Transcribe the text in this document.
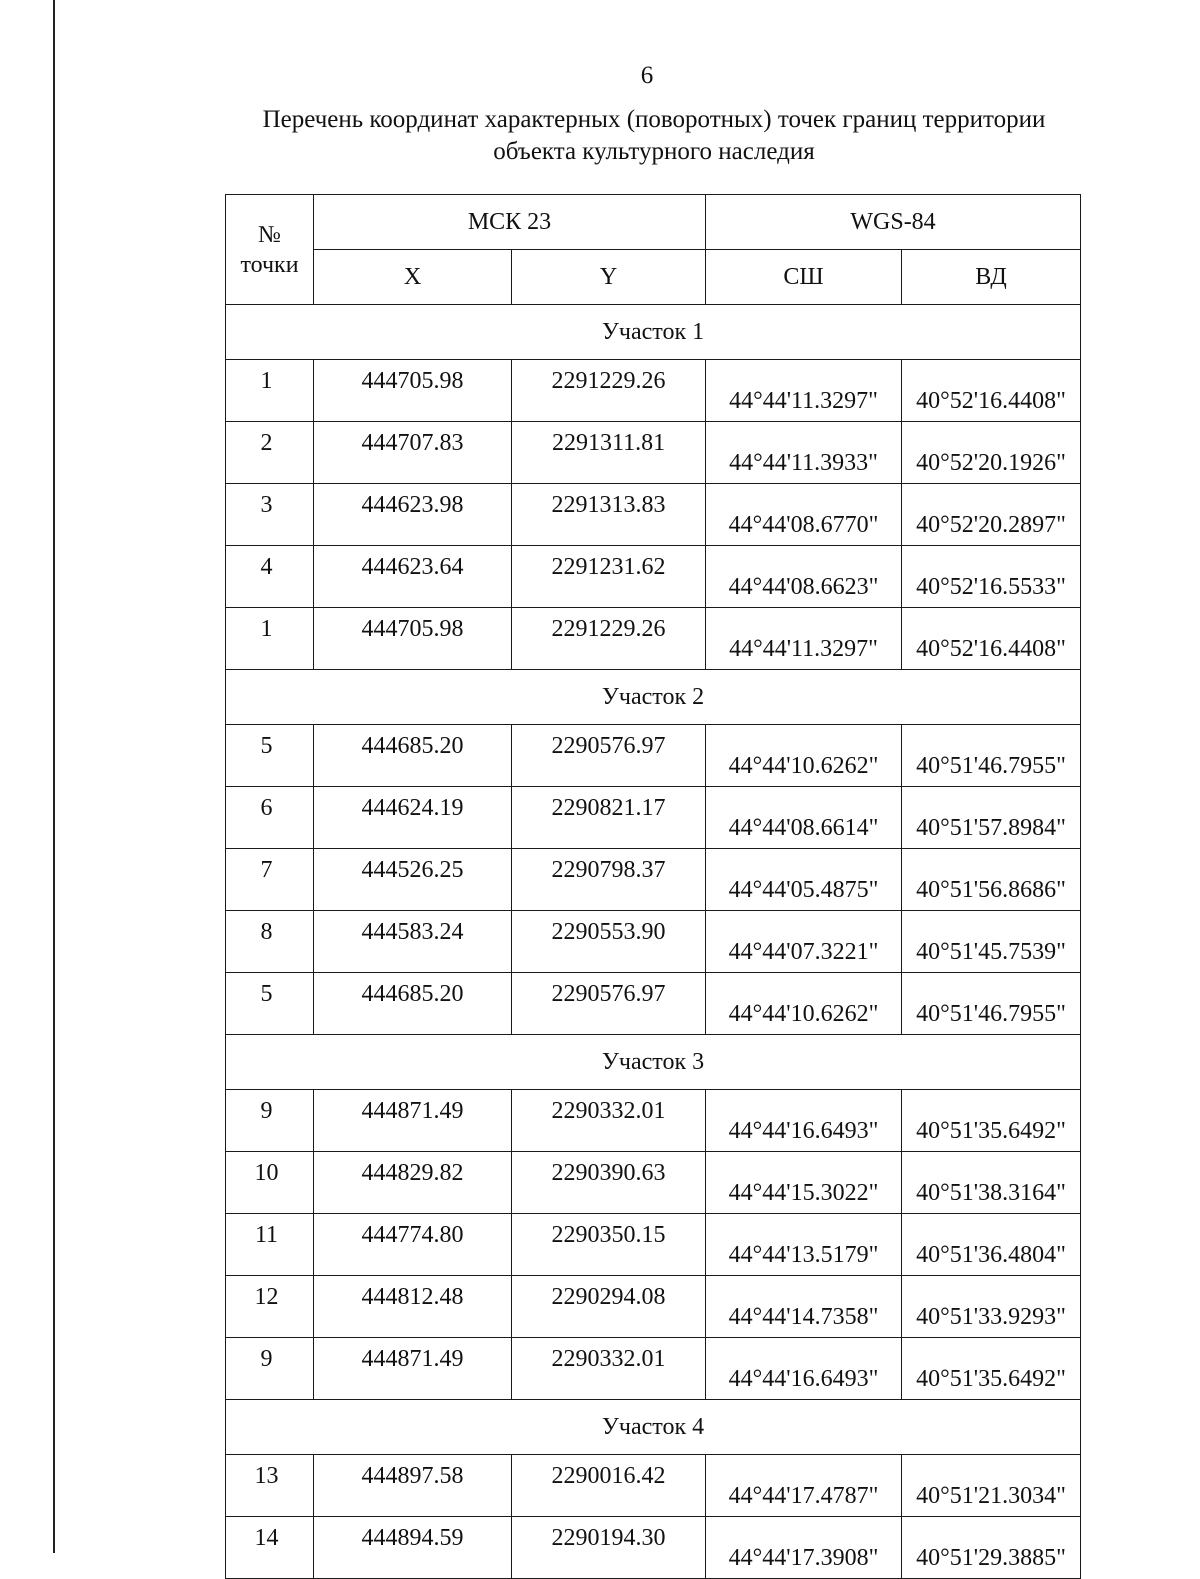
6
Перечень координат характерных (поворотных) точек границ территории
объекта культурного наследия
№
точки	МСК 23		WGS-84	
	X	Y	СШ	ВД
Участок 1				
1	444705.98	2291229.26	44°44'11.3297"	40°52'16.4408"
2	444707.83	2291311.81	44°44'11.3933"	40°52'20.1926"
3	444623.98	2291313.83	44°44'08.6770"	40°52'20.2897"
4	444623.64	2291231.62	44°44'08.6623"	40°52'16.5533"
1	444705.98	2291229.26	44°44'11.3297"	40°52'16.4408"
Участок 2				
5	444685.20	2290576.97	44°44'10.6262"	40°51'46.7955"
6	444624.19	2290821.17	44°44'08.6614"	40°51'57.8984"
7	444526.25	2290798.37	44°44'05.4875"	40°51'56.8686"
8	444583.24	2290553.90	44°44'07.3221"	40°51'45.7539"
5	444685.20	2290576.97	44°44'10.6262"	40°51'46.7955"
Участок 3				
9	444871.49	2290332.01	44°44'16.6493"	40°51'35.6492"
10	444829.82	2290390.63	44°44'15.3022"	40°51'38.3164"
11	444774.80	2290350.15	44°44'13.5179"	40°51'36.4804"
12	444812.48	2290294.08	44°44'14.7358"	40°51'33.9293"
9	444871.49	2290332.01	44°44'16.6493"	40°51'35.6492"
Участок 4				
13	444897.58	2290016.42	44°44'17.4787"	40°51'21.3034"
14	444894.59	2290194.30	44°44'17.3908"	40°51'29.3885"
